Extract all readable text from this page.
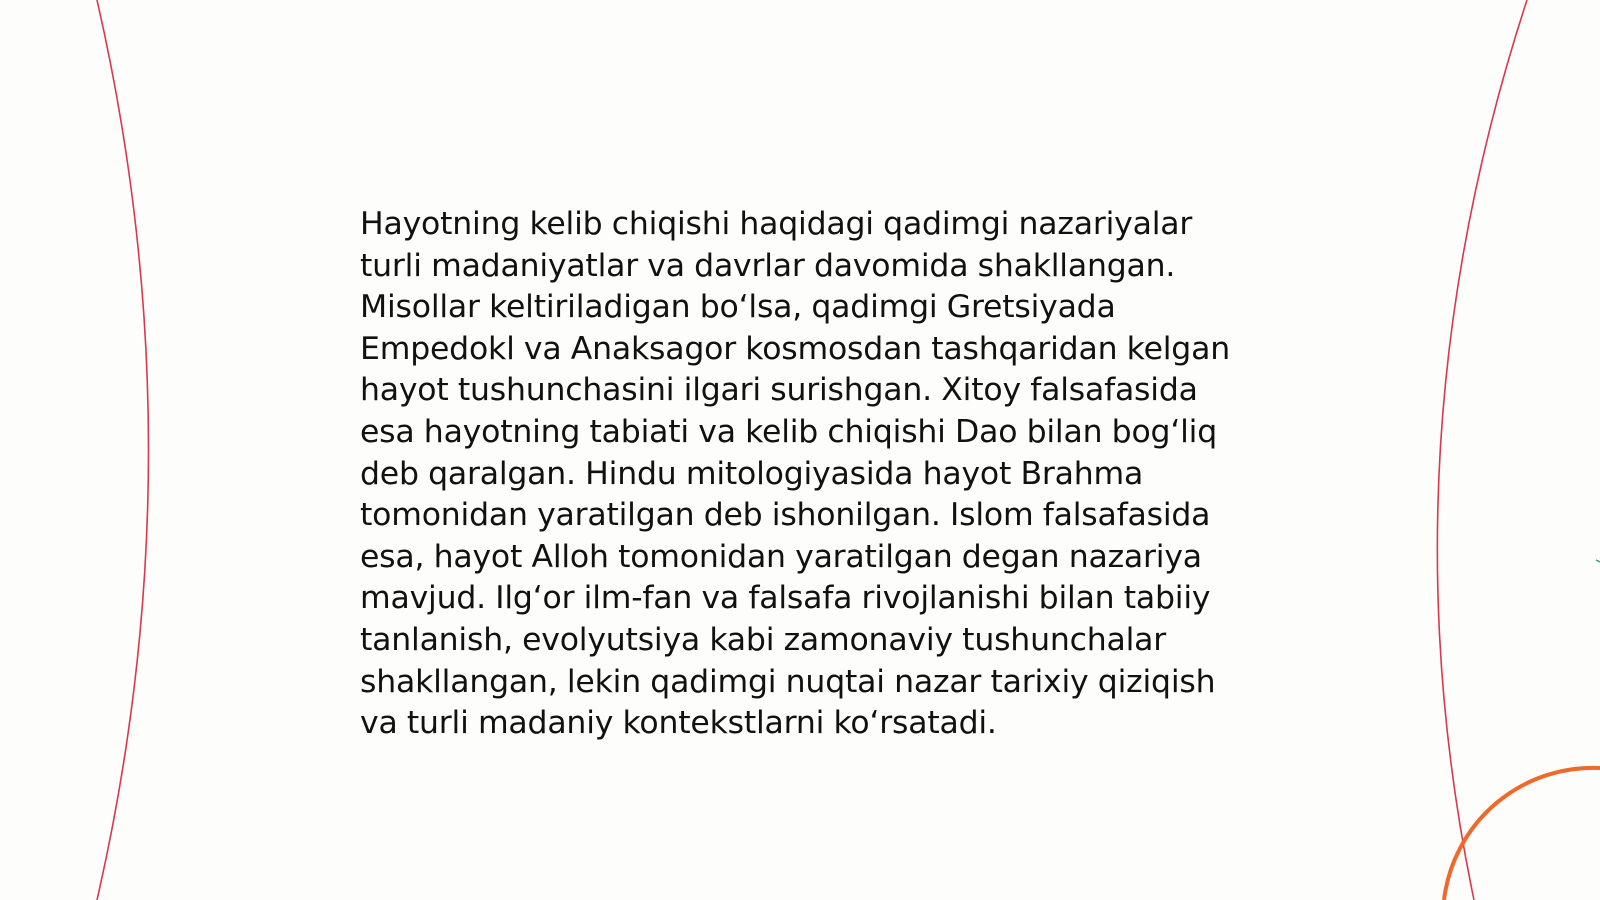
Hayotning kelib chiqishi haqidagi qadimgi nazariyalar turli madaniyatlar va davrlar davomida shakllangan. Misollar keltiriladigan bo‘lsa, qadimgi Gretsiyada Empedokl va Anaksagor kosmosdan tashqaridan kelgan hayot tushunchasini ilgari surishgan. Xitoy falsafasida esa hayotning tabiati va kelib chiqishi Dao bilan bog‘liq deb qaralgan. Hindu mitologiyasida hayot Brahma tomonidan yaratilgan deb ishonilgan. Islom falsafasida esa, hayot Alloh tomonidan yaratilgan degan nazariya mavjud. Ilg‘or ilm-fan va falsafa rivojlanishi bilan tabiiy tanlanish, evolyutsiya kabi zamonaviy tushunchalar shakllangan, lekin qadimgi nuqtai nazar tarixiy qiziqish va turli madaniy kontekstlarni ko‘rsatadi.
